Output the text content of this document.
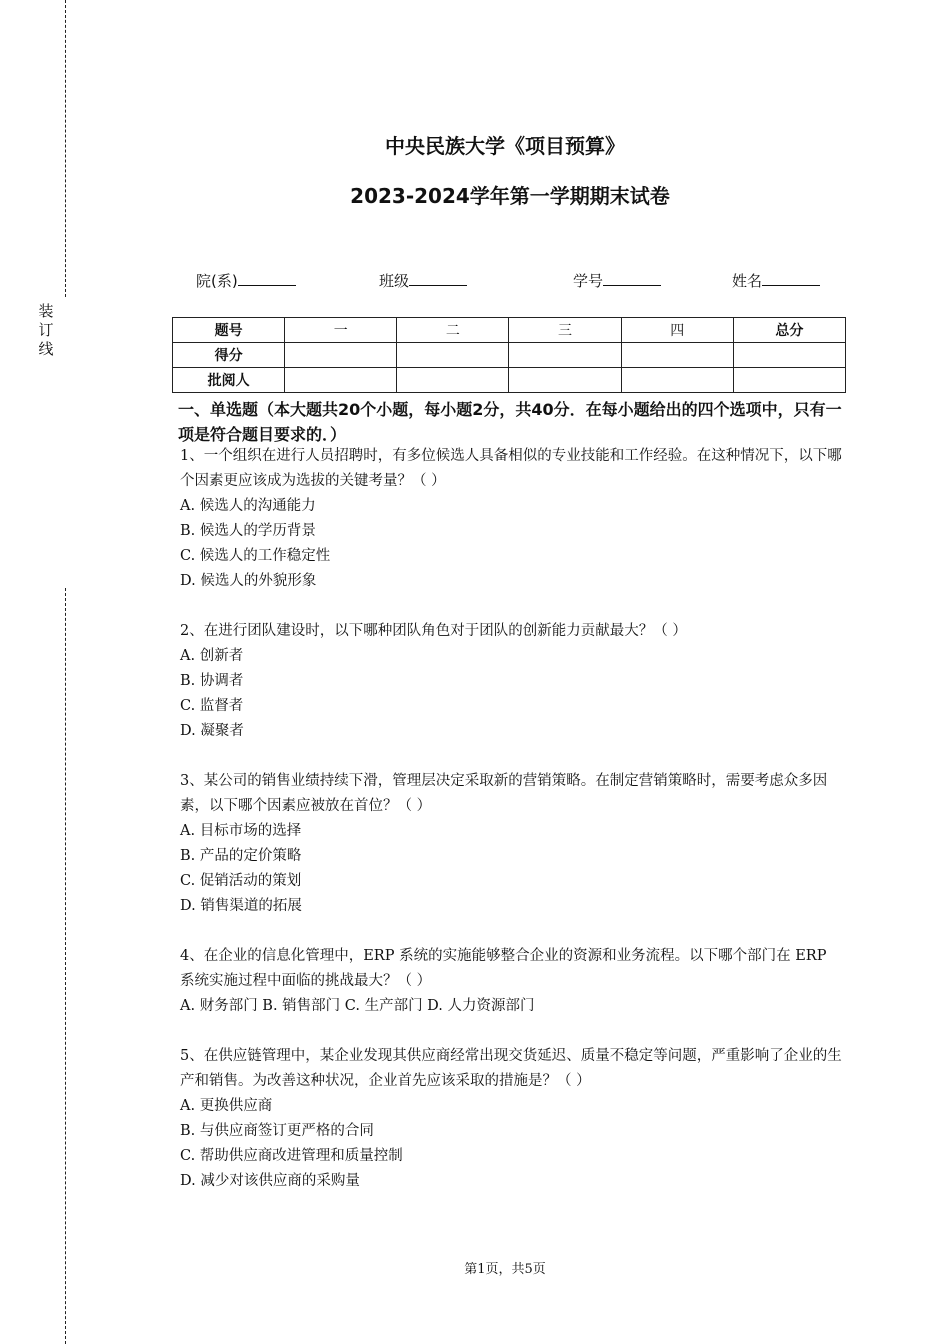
装
订
线
中央民族大学《项目预算》
2023-2024学年第一学期期末试卷
院(系)	班级	学号	姓名
题号	一	二	三	四	总分
得分					
批阅人					
一、单选题（本大题共20个小题，每小题2分，共40分．在每小题给出的四个选项中，只有一项是符合题目要求的．）
1、一个组织在进行人员招聘时，有多位候选人具备相似的专业技能和工作经验。在这种情况下，以下哪个因素更应该成为选拔的关键考量？（ ）
A. 候选人的沟通能力
B. 候选人的学历背景
C. 候选人的工作稳定性
D. 候选人的外貌形象
2、在进行团队建设时，以下哪种团队角色对于团队的创新能力贡献最大？（ ）
A. 创新者
B. 协调者
C. 监督者
D. 凝聚者
3、某公司的销售业绩持续下滑，管理层决定采取新的营销策略。在制定营销策略时，需要考虑众多因素，以下哪个因素应被放在首位？（ ）
A. 目标市场的选择
B. 产品的定价策略
C. 促销活动的策划
D. 销售渠道的拓展
4、在企业的信息化管理中，ERP 系统的实施能够整合企业的资源和业务流程。以下哪个部门在 ERP 系统实施过程中面临的挑战最大？（ ）
A. 财务部门 B. 销售部门 C. 生产部门 D. 人力资源部门
5、在供应链管理中，某企业发现其供应商经常出现交货延迟、质量不稳定等问题，严重影响了企业的生产和销售。为改善这种状况，企业首先应该采取的措施是？（ ）
A. 更换供应商
B. 与供应商签订更严格的合同
C. 帮助供应商改进管理和质量控制
D. 减少对该供应商的采购量
第1页，共5页
